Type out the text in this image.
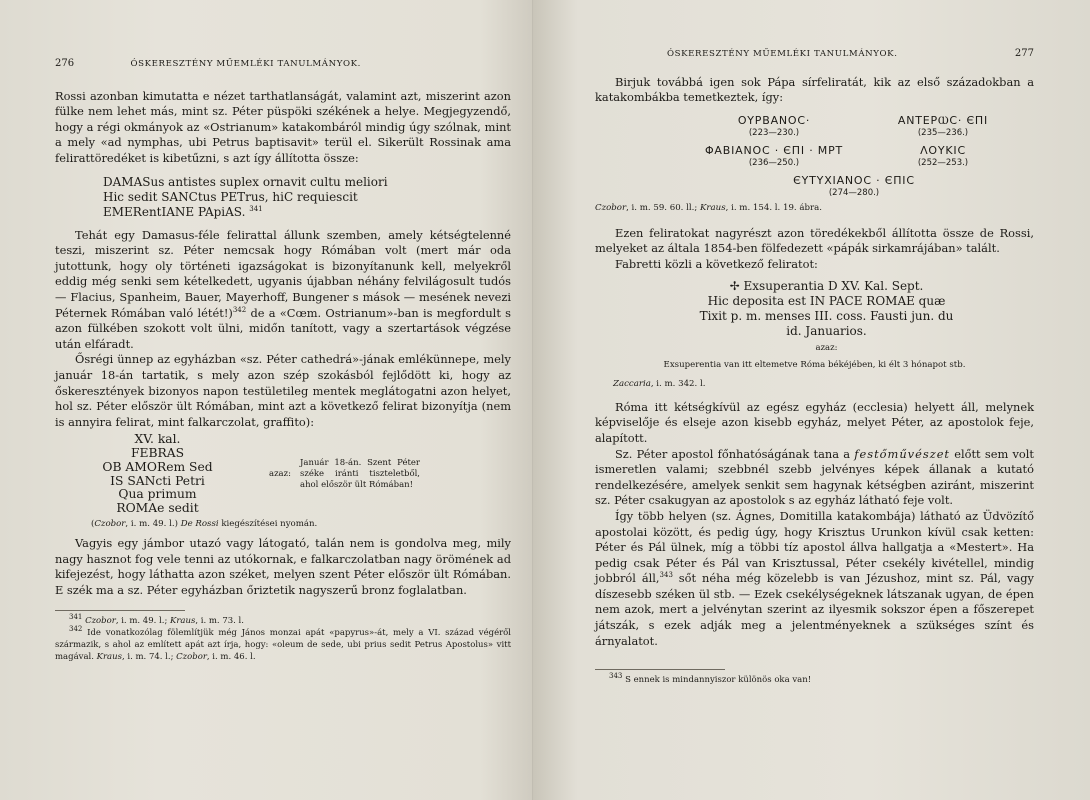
276	ÓSKERESZTÉNY MŰEMLÉKI TANULMÁNYOK.

Rossi azonban kimutatta e nézet tarthatlanságát, valamint azt, miszerint azon fülke nem lehet más, mint sz. Péter püspöki székének a helye. Megjegyzendő, hogy a régi okmányok az «Ostrianum» katakombáról mindig úgy szólnak, mint a mely «ad nymphas, ubi Petrus baptisavit» terül el. Sikerült Rossinak ama felirattöredéket is kibetűzni, s azt így állította össze:

DAMASus antistes suplex ornavit cultu meliori
Hic sedit SANCtus PETrus, hiC requiescit
EMERentIANE PApiAS. $^{341}$

Tehát egy Damasus-féle felirattal állunk szemben, amely kétségtelenné teszi, miszerint sz. Péter nemcsak hogy Rómában volt (mert már oda jutottunk, hogy oly történeti igazságokat is bizonyítanunk kell, melyekről eddig még senki sem kételkedett, ugyanis újabban néhány felvilágosult tudós — Flacius, Spanheim, Bauer, Mayerhoff, Bungener s mások — mesének nevezi Péternek Rómában való létét!)$^{342}$ de a «Cœm. Ostrianum»-ban is megfordult s azon fülkében szokott volt ülni, midőn tanított, vagy a szertartások végzése után elfáradt.

Ősrégi ünnep az egyházban «sz. Péter cathedrá»-jának emlékünnepe, mely január 18-án tartatik, s mely azon szép szokásból fejlődött ki, hogy az őskeresztények bizonyos napon testületileg mentek meglátogatni azon helyet, hol sz. Péter először ült Rómában, mint azt a következő felirat bizonyítja (nem is annyira felirat, mint falkarczolat, graffito):

XV. kal.
FEBRAS
OB AMORem Sed
IS SANcti Petri
Qua primum
ROMAe sedit
azaz:
Január 18-án. Szent Péter széke iránti tiszteletből, ahol először ült Rómában!

(Czobor, i. m. 49. l.) De Rossi kiegészítései nyomán.

Vagyis egy jámbor utazó vagy látogató, talán nem is gondolva meg, mily nagy hasznot fog vele tenni az utókornak, e falkarczolatban nagy örömének ad kifejezést, hogy láthatta azon széket, melyen szent Péter először ült Rómában. E szék ma a sz. Péter egyházban őriztetik nagyszerű bronz foglalatban.

$^{341}$ Czobor, i. m. 49. l.; Kraus, i. m. 73. l.

$^{342}$ Ide vonatkozólag fölemlítjük még János monzai apát «papyrus»-át, mely a VI. század végéről származik, s ahol az említett apát azt írja, hogy: «oleum de sede, ubi prius sedit Petrus Apostolus» vitt magával. Kraus, i. m. 74. l.; Czobor, i. m. 46. l.

ÓSKERESZTÉNY MŰEMLÉKI TANULMÁNYOK.	277

Birjuk továbbá igen sok Pápa sírfeliratát, kik az első századokban a katakombákba temetkeztek, így:

ΟΥΡΒΑΝΟϹ·
(223—230.)
ΑΝΤΕΡⲰϹ· ЄΠΙ
(235—236.)
ΦΑΒΙΑΝΟϹ · ЄΠΙ · ΜΡΤ
(236—250.)
ΛΟΥΚΙϹ
(252—253.)
ЄΥΤΥΧΙΑΝΟϹ · ЄΠΙϹ
(274—280.)

Czobor, i. m. 59. 60. ll.; Kraus, i. m. 154. l. 19. ábra.

Ezen feliratokat nagyrészt azon töredékekből állította össze de Rossi, melyeket az általa 1854-ben fölfedezett «pápák sirkamrájában» talált.

Fabretti közli a következő feliratot:

✢ Exsuperantia D XV. Kal. Sept.
Hic deposita est IN PACE ROMAE quæ
Tixit p. m. menses III. coss. Fausti jun. du
id. Januarios.
azaz:
Exsuperentia van itt eltemetve Róma békéjében, ki élt 3 hónapot stb.

Zaccaria, i. m. 342. l.

Róma itt kétségkívül az egész egyház (ecclesia) helyett áll, melynek képviselője és elseje azon kisebb egyház, melyet Péter, az apostolok feje, alapított.

Sz. Péter apostol főnhatóságának tana a festőművészet előtt sem volt ismeretlen valami; szebbnél szebb jelvényes képek állanak a kutató rendelkezésére, amelyek senkit sem hagynak kétségben aziránt, miszerint sz. Péter csakugyan az apostolok s az egyház látható feje volt.

Így több helyen (sz. Ágnes, Domitilla katakombája) látható az Üdvözítő apostolai között, és pedig úgy, hogy Krisztus Urunkon kívül csak ketten: Péter és Pál ülnek, míg a többi tíz apostol állva hallgatja a «Mestert». Ha pedig csak Péter és Pál van Krisztussal, Péter csekély kivétellel, mindig jobbról áll,$^{343}$ sőt néha még közelebb is van Jézushoz, mint sz. Pál, vagy díszesebb széken ül stb. — Ezek csekélységeknek látszanak ugyan, de épen nem azok, mert a jelvénytan szerint az ilyesmik sokszor épen a főszerepet játszák, s ezek adják meg a jelentményeknek a szükséges színt és árnyalatot.

$^{343}$ S ennek is mindannyiszor különös oka van!
